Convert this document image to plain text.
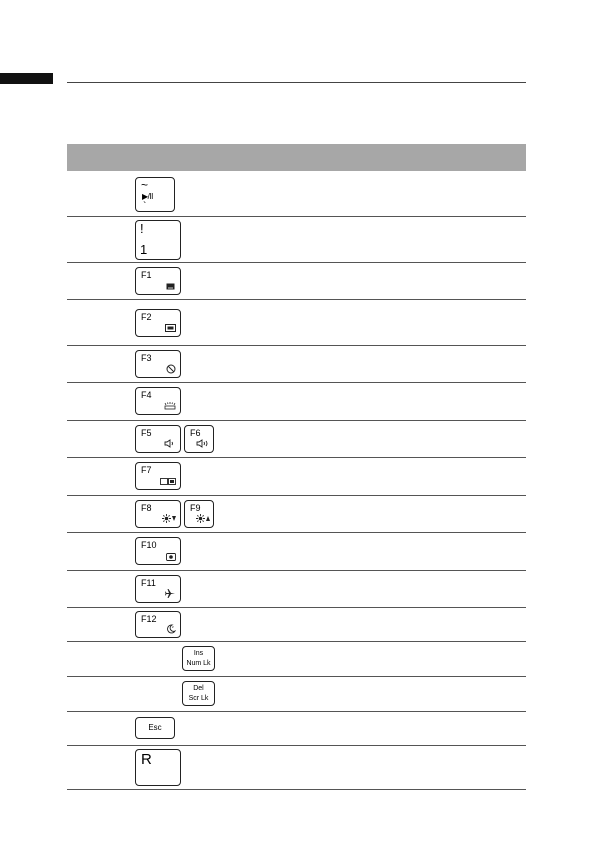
~
▶/II
`
!
1
F1
F2
F3
F4
F5	F6
F7
F8	F9
F10
F11
F12
z
Ins
Num Lk
Del
Scr Lk
Esc
R
